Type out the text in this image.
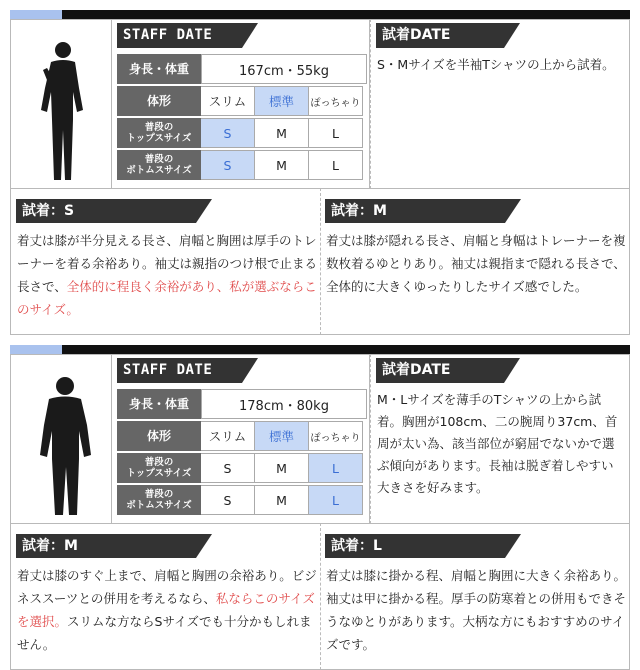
STAFF DATE
身長・体重	167cm・55kg
体形	スリム	標準	ぽっちゃり
普段の
トップスサイズ	S	M	L
普段の
ボトムスサイズ	S	M	L
試着DATE
S・Mサイズを半袖Tシャツの上から試着。
試着：S
着丈は膝が半分見える長さ、肩幅と胸囲は厚手のトレーナーを着る余裕あり。袖丈は親指のつけ根で止まる長さで、全体的に程良く余裕があり、私が選ぶならこのサイズ。
試着：M
着丈は膝が隠れる長さ、肩幅と身幅はトレーナーを複数枚着るゆとりあり。袖丈は親指まで隠れる長さで、全体的に大きくゆったりしたサイズ感でした。
STAFF DATE
身長・体重	178cm・80kg
体形	スリム	標準	ぽっちゃり
普段の
トップスサイズ	S	M	L
普段の
ボトムスサイズ	S	M	L
試着DATE
M・Lサイズを薄手のTシャツの上から試着。胸囲が108cm、二の腕周り37cm、首周が太い為、該当部位が窮屈でないかで選ぶ傾向があります。長袖は脱ぎ着しやすい大きさを好みます。
試着：M
着丈は膝のすぐ上まで、肩幅と胸囲の余裕あり。ビジネススーツとの併用を考えるなら、私ならこのサイズを選択。スリムな方ならSサイズでも十分かもしれません。
試着：L
着丈は膝に掛かる程、肩幅と胸囲に大きく余裕あり。袖丈は甲に掛かる程。厚手の防寒着との併用もできそうなゆとりがあります。大柄な方にもおすすめのサイズです。
